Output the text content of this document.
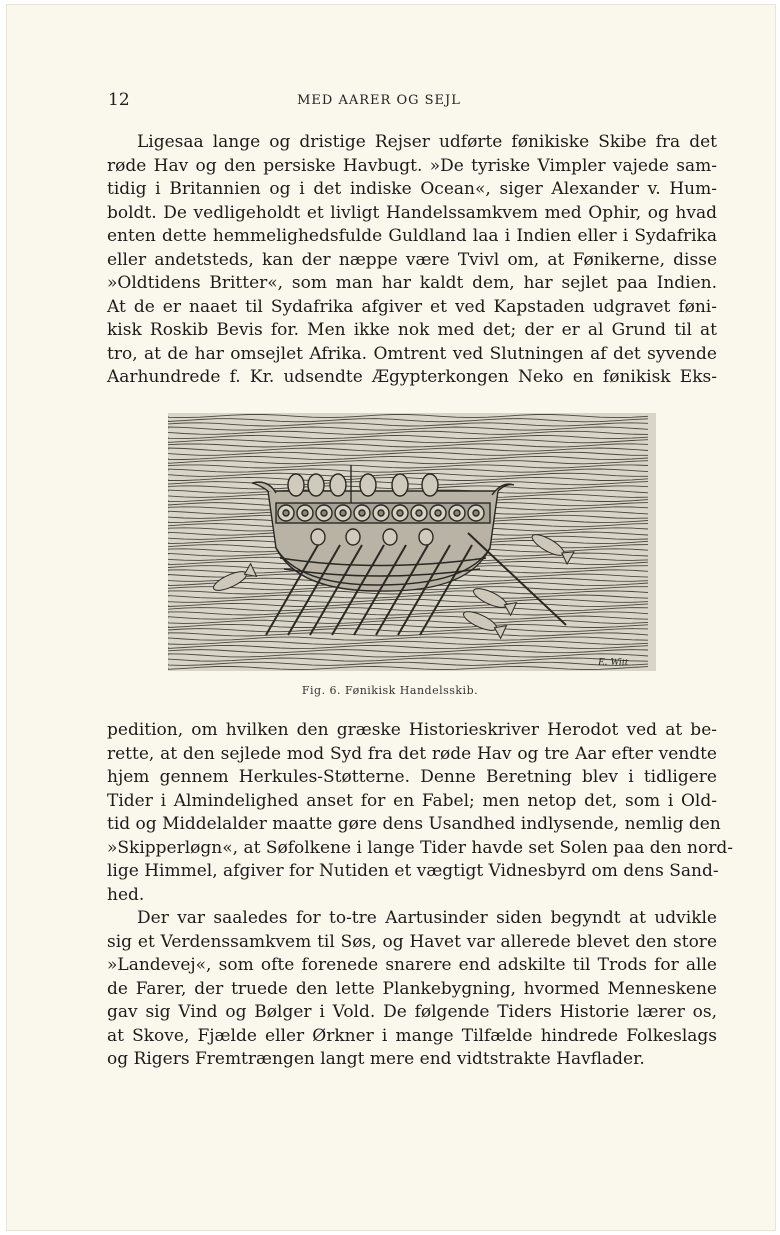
12	MED AARER OG SEJL
Ligesaa lange og dristige Rejser udførte fønikiske Skibe fra det
røde Hav og den persiske Havbugt. »De tyriske Vimpler vajede sam-
tidig i Britannien og i det indiske Ocean«, siger Alexander v. Hum-
boldt. De vedligeholdt et livligt Handelssamkvem med Ophir, og hvad
enten dette hemmelighedsfulde Guldland laa i Indien eller i Sydafrika
eller andetsteds, kan der næppe være Tvivl om, at Fønikerne, disse
»Oldtidens Britter«, som man har kaldt dem, har sejlet paa Indien.
At de er naaet til Sydafrika afgiver et ved Kapstaden udgravet føni-
kisk Roskib Bevis for. Men ikke nok med det; der er al Grund til at
tro, at de har omsejlet Afrika. Omtrent ved Slutningen af det syvende
Aarhundrede f. Kr. udsendte Ægypterkongen Neko en fønikisk Eks-
E. Witt
Fig. 6. Fønikisk Handelsskib.
pedition, om hvilken den græske Historieskriver Herodot ved at be-
rette, at den sejlede mod Syd fra det røde Hav og tre Aar efter vendte
hjem gennem Herkules-Støtterne. Denne Beretning blev i tidligere
Tider i Almindelighed anset for en Fabel; men netop det, som i Old-
tid og Middelalder maatte gøre dens Usandhed indlysende, nemlig den
»Skipperløgn«, at Søfolkene i lange Tider havde set Solen paa den nord-
lige Himmel, afgiver for Nutiden et vægtigt Vidnesbyrd om dens Sand-
hed.
Der var saaledes for to-tre Aartusinder siden begyndt at udvikle
sig et Verdenssamkvem til Søs, og Havet var allerede blevet den store
»Landevej«, som ofte forenede snarere end adskilte til Trods for alle
de Farer, der truede den lette Plankebygning, hvormed Menneskene
gav sig Vind og Bølger i Vold. De følgende Tiders Historie lærer os,
at Skove, Fjælde eller Ørkner i mange Tilfælde hindrede Folkeslags
og Rigers Fremtrængen langt mere end vidtstrakte Havflader.
